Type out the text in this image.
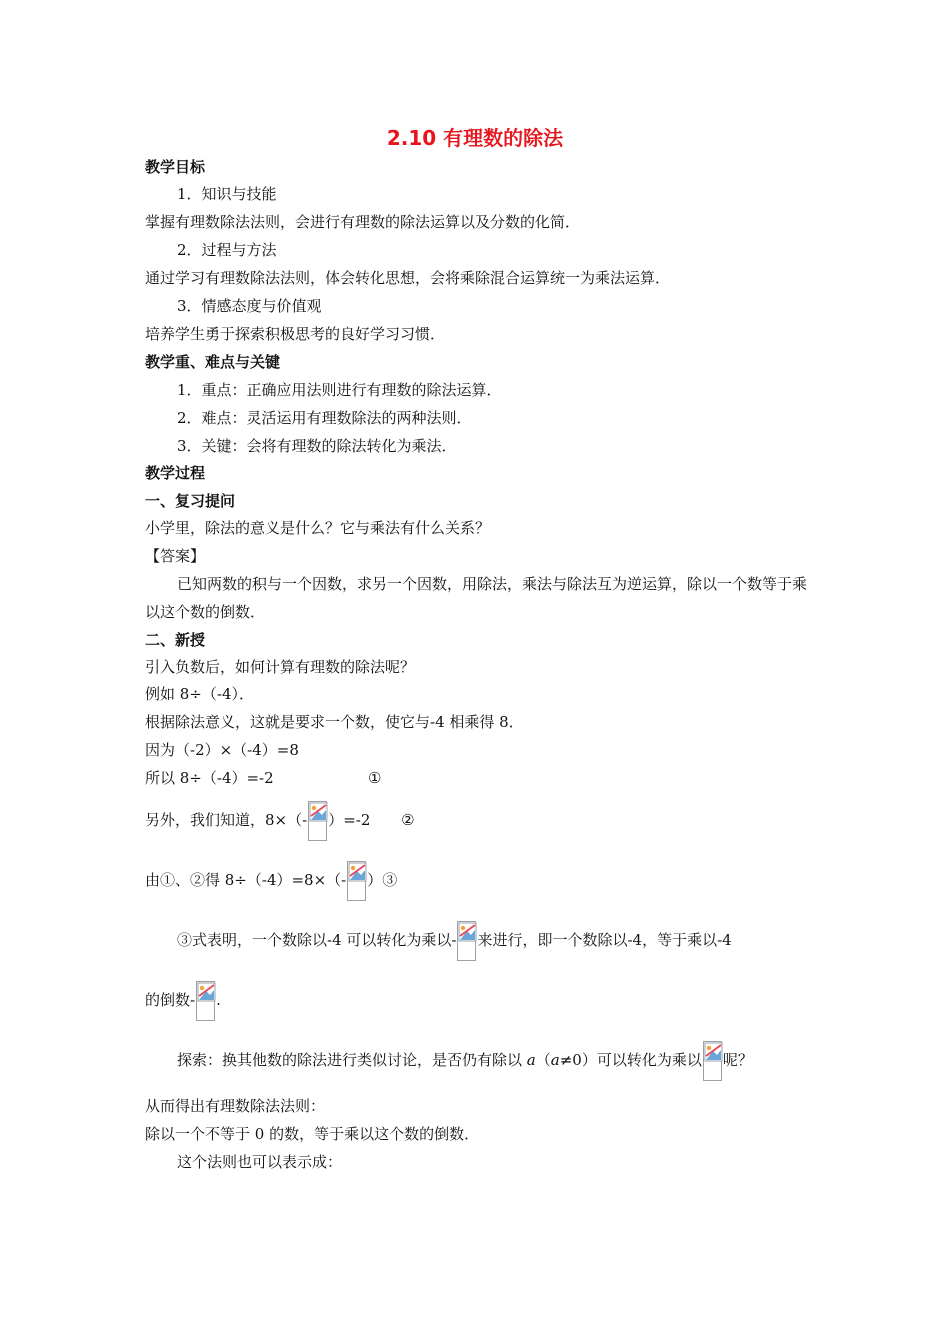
2.10 有理数的除法
教学目标
1．知识与技能
掌握有理数除法法则，会进行有理数的除法运算以及分数的化简．
2．过程与方法
通过学习有理数除法法则，体会转化思想，会将乘除混合运算统一为乘法运算．
3．情感态度与价值观
培养学生勇于探索积极思考的良好学习习惯．
教学重、难点与关键
1．重点：正确应用法则进行有理数的除法运算．
2．难点：灵活运用有理数除法的两种法则．
3．关键：会将有理数的除法转化为乘法．
教学过程
一、复习提问
小学里，除法的意义是什么？它与乘法有什么关系？
【答案】
已知两数的积与一个因数，求另一个因数，用除法，乘法与除法互为逆运算，除以一个数等于乘以这个数的倒数．
二、新授
引入负数后，如何计算有理数的除法呢？
例如 8÷（-4）．
根据除法意义，这就是要求一个数，使它与-4 相乘得 8．
因为（-2）×（-4）=8
所以 8÷（-4）=-2	①
另外，我们知道，8×（- ）=-2 ②
由①、②得 8÷（-4）=8×（- ）③
③式表明，一个数除以-4 可以转化为乘以- 来进行，即一个数除以-4，等于乘以-4
的倒数- .
探索：换其他数的除法进行类似讨论，是否仍有除以 a（a≠0）可以转化为乘以 呢？
从而得出有理数除法法则：
除以一个不等于 0 的数，等于乘以这个数的倒数．
这个法则也可以表示成：
